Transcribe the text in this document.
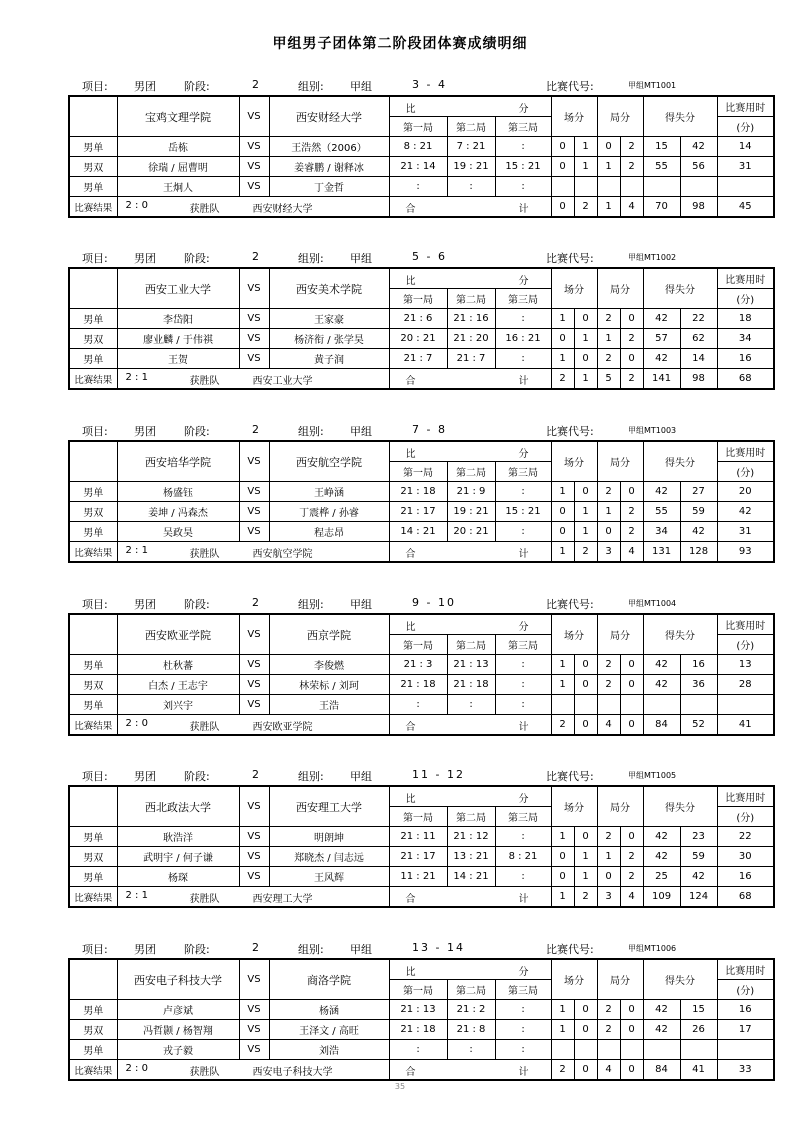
甲组男子团体第二阶段团体赛成绩明细
项目: 男团	阶段:	2	组别: 甲组	3 - 4	比赛代号:	甲组MT1001
	宝鸡文理学院	VS	西安财经大学	比 分			场分		局分		得失分		比赛用时
				第一局	第二局	第三局							(分)
男单	岳栋	VS	王浩然（2006）	8 : 21	7 : 21	:	0	1	0	2	15	42	14
男双	徐瑞 / 屈曹明	VS	姜睿鹏 / 谢释冰	21 : 14	19 : 21	15 : 21	0	1	1	2	55	56	31
男单	王炯人	VS	丁金哲	:	:	:							
比赛结果	2 : 0 获胜队 西安财经大学			合 计			0	2	1	4	70	98	45
项目: 男团	阶段:	2	组别: 甲组	5 - 6	比赛代号:	甲组MT1002
	西安工业大学	VS	西安美术学院	比 分			场分		局分		得失分		比赛用时
				第一局	第二局	第三局							(分)
男单	李岱阳	VS	王家豪	21 : 6	21 : 16	:	1	0	2	0	42	22	18
男双	廖业麟 / 于伟祺	VS	杨济衔 / 张学昊	20 : 21	21 : 20	16 : 21	0	1	1	2	57	62	34
男单	王贺	VS	黄子润	21 : 7	21 : 7	:	1	0	2	0	42	14	16
比赛结果	2 : 1 获胜队 西安工业大学			合 计			2	1	5	2	141	98	68
项目: 男团	阶段:	2	组别: 甲组	7 - 8	比赛代号:	甲组MT1003
	西安培华学院	VS	西安航空学院	比 分			场分		局分		得失分		比赛用时
				第一局	第二局	第三局							(分)
男单	杨盛钰	VS	王峥涵	21 : 18	21 : 9	:	1	0	2	0	42	27	20
男双	姜坤 / 冯森杰	VS	丁震桦 / 孙睿	21 : 17	19 : 21	15 : 21	0	1	1	2	55	59	42
男单	吴政昊	VS	程志昂	14 : 21	20 : 21	:	0	1	0	2	34	42	31
比赛结果	2 : 1 获胜队 西安航空学院			合 计			1	2	3	4	131	128	93
项目: 男团	阶段:	2	组别: 甲组	9 - 10	比赛代号:	甲组MT1004
	西安欧亚学院	VS	西京学院	比 分			场分		局分		得失分		比赛用时
				第一局	第二局	第三局							(分)
男单	杜秋蕃	VS	李俊燃	21 : 3	21 : 13	:	1	0	2	0	42	16	13
男双	白杰 / 王志宇	VS	林荣标 / 刘珂	21 : 18	21 : 18	:	1	0	2	0	42	36	28
男单	刘兴宇	VS	王浩	:	:	:							
比赛结果	2 : 0 获胜队 西安欧亚学院			合 计			2	0	4	0	84	52	41
项目: 男团	阶段:	2	组别: 甲组	11 - 12	比赛代号:	甲组MT1005
	西北政法大学	VS	西安理工大学	比 分			场分		局分		得失分		比赛用时
				第一局	第二局	第三局							(分)
男单	耿浩洋	VS	明朗坤	21 : 11	21 : 12	:	1	0	2	0	42	23	22
男双	武明宇 / 何子谦	VS	郑晓杰 / 闫志远	21 : 17	13 : 21	8 : 21	0	1	1	2	42	59	30
男单	杨琛	VS	王风辉	11 : 21	14 : 21	:	0	1	0	2	25	42	16
比赛结果	2 : 1 获胜队 西安理工大学			合 计			1	2	3	4	109	124	68
项目: 男团	阶段:	2	组别: 甲组	13 - 14	比赛代号:	甲组MT1006
	西安电子科技大学	VS	商洛学院	比 分			场分		局分		得失分		比赛用时
				第一局	第二局	第三局							(分)
男单	卢彦斌	VS	杨涵	21 : 13	21 : 2	:	1	0	2	0	42	15	16
男双	冯哲颢 / 杨智翔	VS	王泽文 / 高旺	21 : 18	21 : 8	:	1	0	2	0	42	26	17
男单	戎子毅	VS	刘浩	:	:	:							
比赛结果	2 : 0 获胜队 西安电子科技大学			合 计			2	0	4	0	84	41	33
35
